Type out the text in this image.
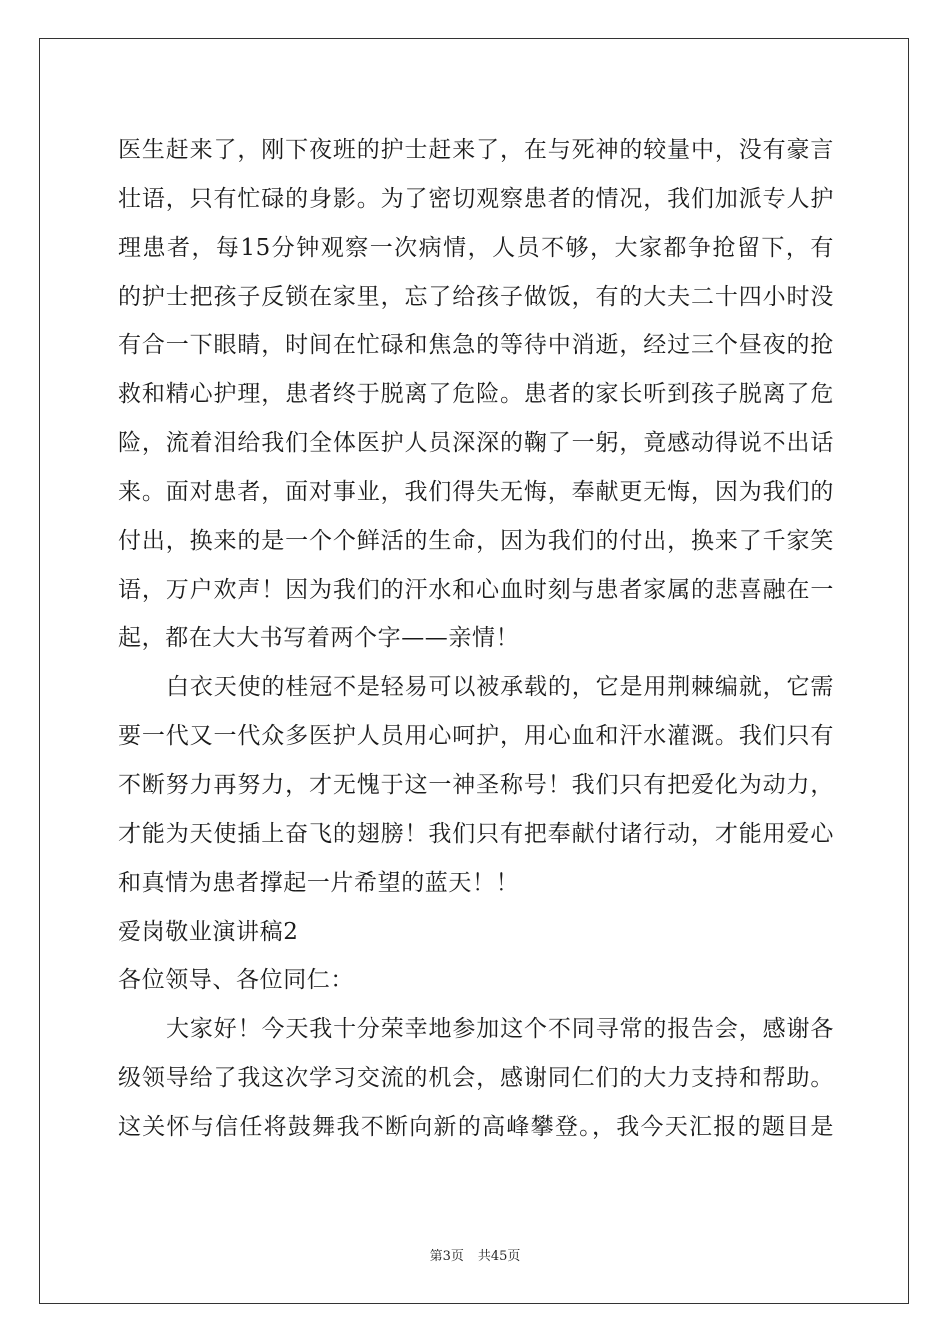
医生赶来了，刚下夜班的护士赶来了，在与死神的较量中，没有豪言
壮语，只有忙碌的身影。为了密切观察患者的情况，我们加派专人护
理患者，每15分钟观察一次病情，人员不够，大家都争抢留下，有
的护士把孩子反锁在家里，忘了给孩子做饭，有的大夫二十四小时没
有合一下眼睛，时间在忙碌和焦急的等待中消逝，经过三个昼夜的抢
救和精心护理，患者终于脱离了危险。患者的家长听到孩子脱离了危
险，流着泪给我们全体医护人员深深的鞠了一躬，竟感动得说不出话
来。面对患者，面对事业，我们得失无悔，奉献更无悔，因为我们的
付出，换来的是一个个鲜活的生命，因为我们的付出，换来了千家笑
语，万户欢声！因为我们的汗水和心血时刻与患者家属的悲喜融在一
起，都在大大书写着两个字——亲情！
白衣天使的桂冠不是轻易可以被承载的，它是用荆棘编就，它需
要一代又一代众多医护人员用心呵护，用心血和汗水灌溉。我们只有
不断努力再努力，才无愧于这一神圣称号！我们只有把爱化为动力，
才能为天使插上奋飞的翅膀！我们只有把奉献付诸行动，才能用爱心
和真情为患者撑起一片希望的蓝天！！
爱岗敬业演讲稿2
各位领导、各位同仁：
大家好！今天我十分荣幸地参加这个不同寻常的报告会，感谢各
级领导给了我这次学习交流的机会，感谢同仁们的大力支持和帮助。
这关怀与信任将鼓舞我不断向新的高峰攀登。，我今天汇报的题目是
第3页 共45页
